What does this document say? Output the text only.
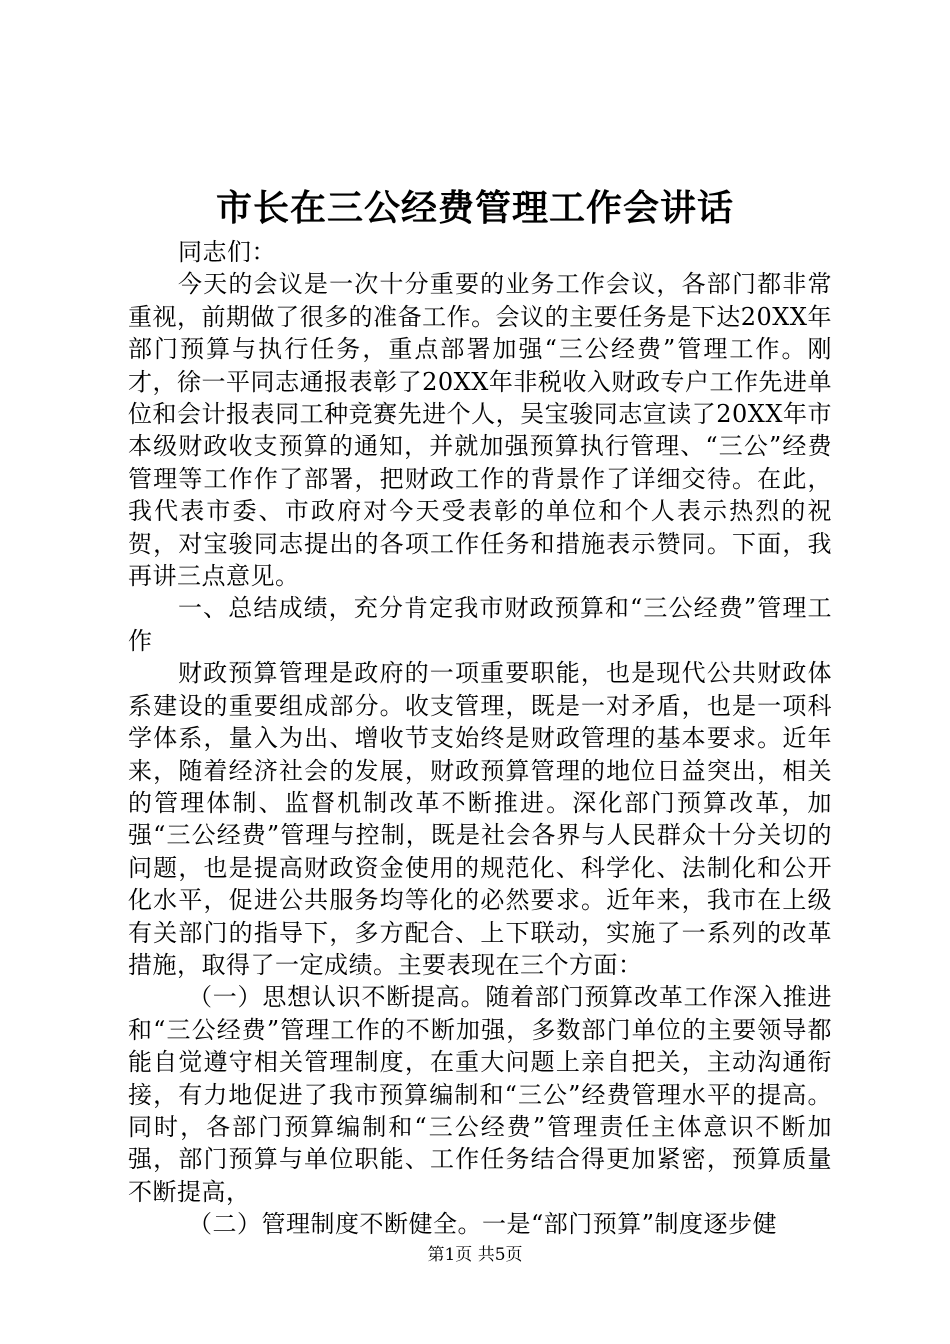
市长在三公经费管理工作会讲话

同志们：

今天的会议是一次十分重要的业务工作会议，各部门都非常重视，前期做了很多的准备工作。会议的主要任务是下达20XX年部门预算与执行任务，重点部署加强“三公经费”管理工作。刚才，徐一平同志通报表彰了20XX年非税收入财政专户工作先进单位和会计报表同工种竞赛先进个人，吴宝骏同志宣读了20XX年市本级财政收支预算的通知，并就加强预算执行管理、“三公”经费管理等工作作了部署，把财政工作的背景作了详细交待。在此，我代表市委、市政府对今天受表彰的单位和个人表示热烈的祝贺，对宝骏同志提出的各项工作任务和措施表示赞同。下面，我再讲三点意见。

一、总结成绩，充分肯定我市财政预算和“三公经费”管理工作

财政预算管理是政府的一项重要职能，也是现代公共财政体系建设的重要组成部分。收支管理，既是一对矛盾，也是一项科学体系，量入为出、增收节支始终是财政管理的基本要求。近年来，随着经济社会的发展，财政预算管理的地位日益突出，相关的管理体制、监督机制改革不断推进。深化部门预算改革，加强“三公经费”管理与控制，既是社会各界与人民群众十分关切的问题，也是提高财政资金使用的规范化、科学化、法制化和公开化水平，促进公共服务均等化的必然要求。近年来，我市在上级有关部门的指导下，多方配合、上下联动，实施了一系列的改革措施，取得了一定成绩。主要表现在三个方面：

（一）思想认识不断提高。随着部门预算改革工作深入推进和“三公经费”管理工作的不断加强，多数部门单位的主要领导都能自觉遵守相关管理制度，在重大问题上亲自把关，主动沟通衔接，有力地促进了我市预算编制和“三公”经费管理水平的提高。同时，各部门预算编制和“三公经费”管理责任主体意识不断加强，部门预算与单位职能、工作任务结合得更加紧密，预算质量不断提高，

（二）管理制度不断健全。一是“部门预算”制度逐步健

第1页 共5页
